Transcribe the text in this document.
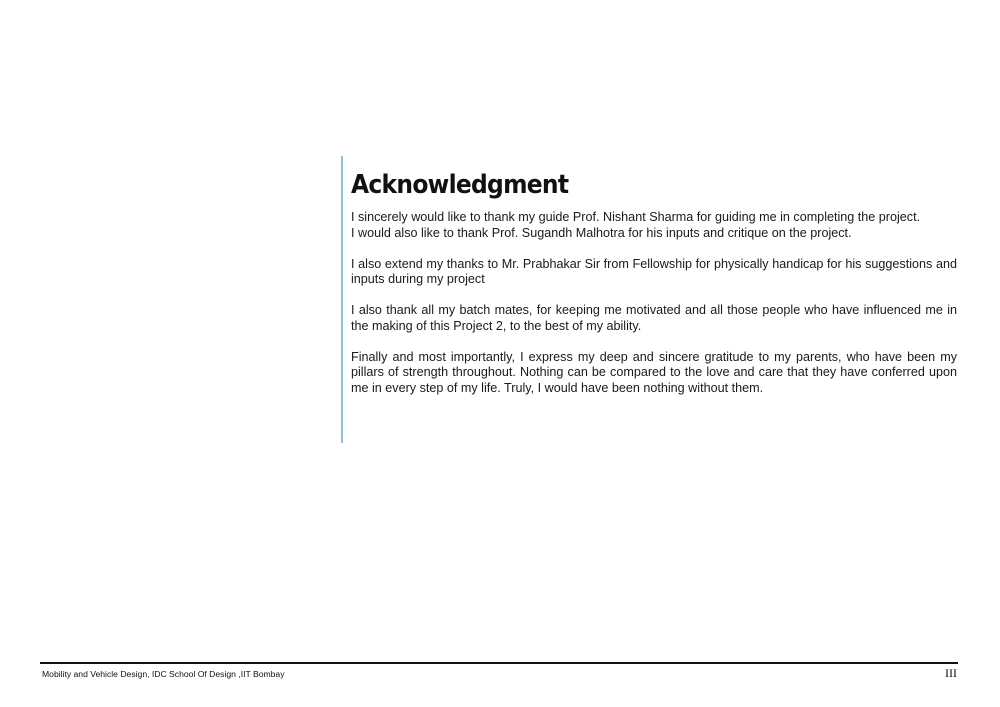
Acknowledgment

I sincerely would like to thank my guide Prof. Nishant Sharma for guiding me in completing the project.
I would also like to thank Prof. Sugandh Malhotra for his inputs and critique on the project.

I also extend my thanks to Mr. Prabhakar Sir from Fellowship for physically handicap for his suggestions and inputs during my project

I also thank all my batch mates, for keeping me motivated and all those people who have influenced me in the making of this Project 2, to the best of my ability.

Finally and most importantly, I express my deep and sincere gratitude to my parents, who have been my pillars of strength throughout. Nothing can be compared to the love and care that they have conferred upon me in every step of my life. Truly, I would have been nothing without them.

Mobility and Vehicle Design, IDC School Of Design ,IIT Bombay	III
